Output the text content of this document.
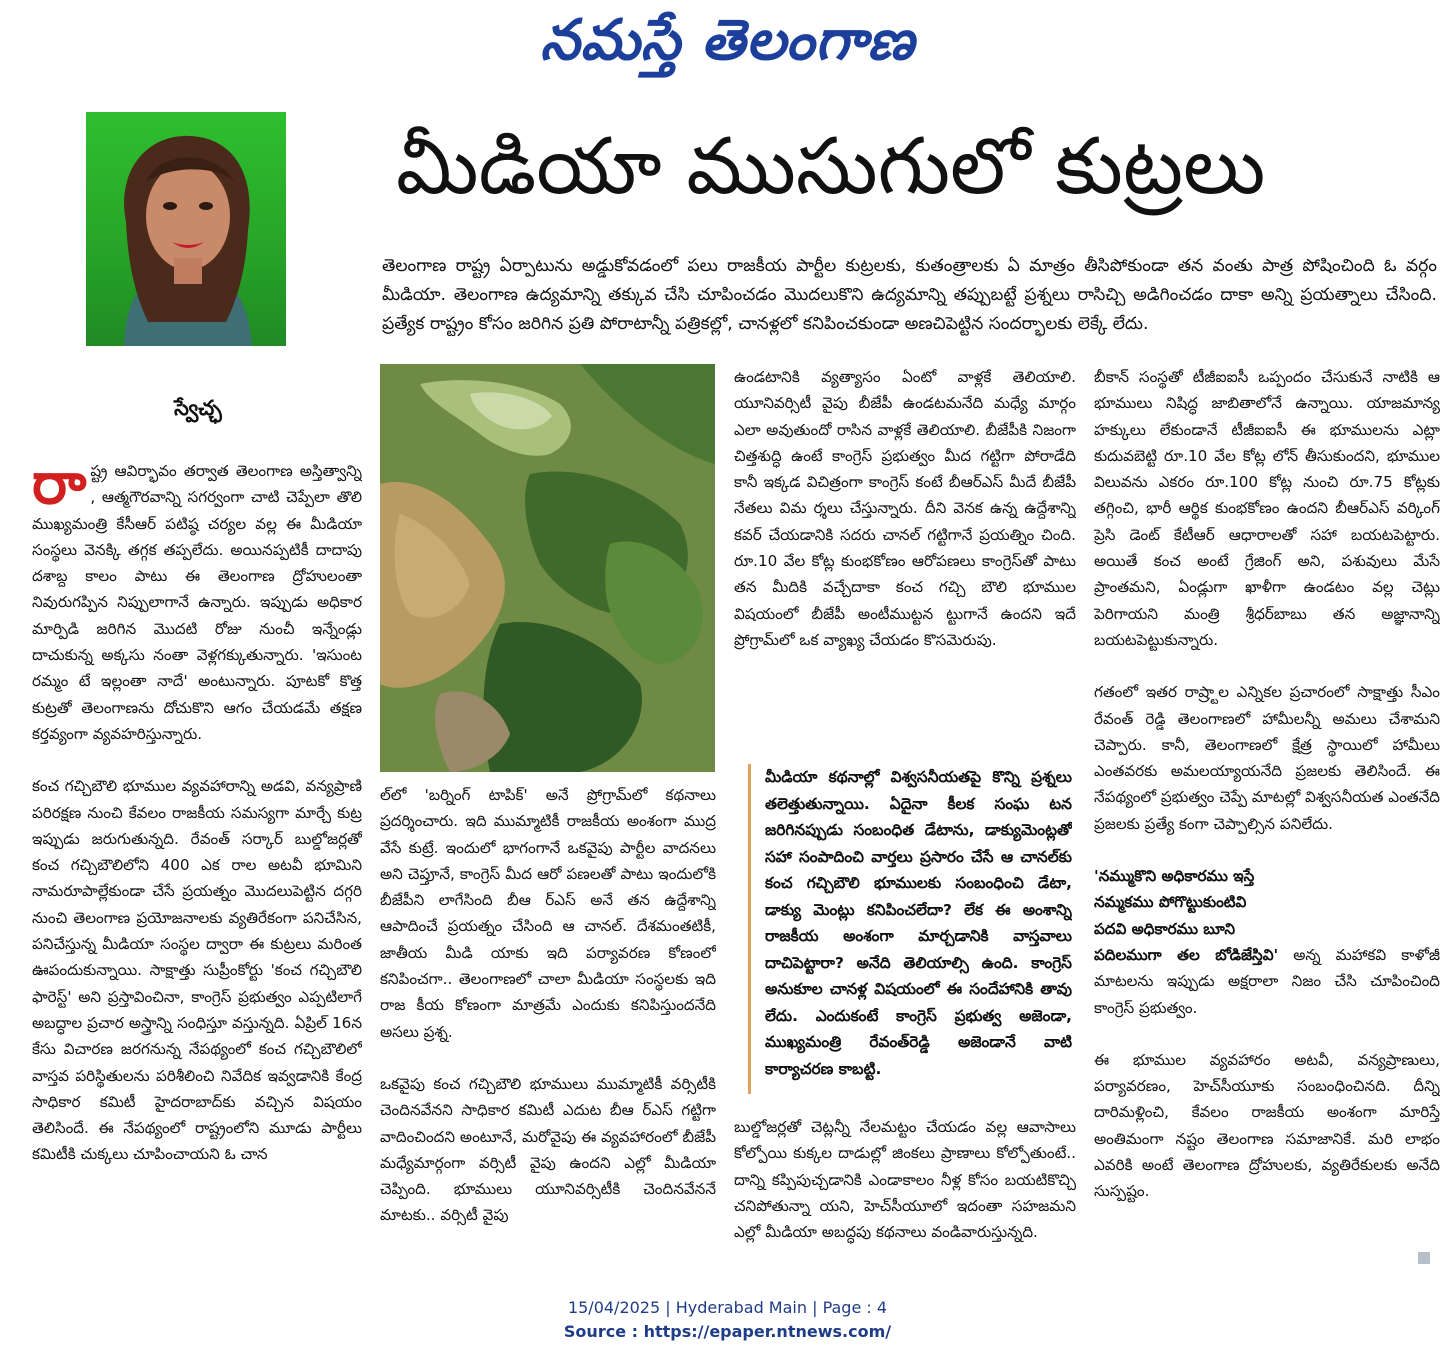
నమస్తే తెలంగాణ
మీడియా ముసుగులో కుట్రలు
తెలంగాణ రాష్ట్ర ఏర్పాటును అడ్డుకోవడంలో పలు రాజకీయ పార్టీల కుట్రలకు, కుతంత్రాలకు ఏ మాత్రం తీసిపోకుండా తన వంతు పాత్ర పోషించింది ఓ వర్గం మీడియా. తెలంగాణ ఉద్యమాన్ని తక్కువ చేసి చూపించడం మొదలుకొని ఉద్యమాన్ని తప్పుబట్టే ప్రశ్నలు రాసిచ్చి అడిగించడం దాకా అన్ని ప్రయత్నాలు చేసింది. ప్రత్యేక రాష్ట్రం కోసం జరిగిన ప్రతి పోరాటాన్నీ పత్రికల్లో, చానళ్లలో కనిపించకుండా అణచిపెట్టిన సందర్భాలకు లెక్కే లేదు.
స్వేచ్ఛ

రాష్ట్ర ఆవిర్భావం తర్వాత తెలంగాణ అస్తిత్వాన్ని , ఆత్మగౌరవాన్ని సగర్వంగా చాటి చెప్పేలా తొలి ముఖ్యమంత్రి కేసీఆర్ పటిష్ఠ చర్యల వల్ల ఈ మీడియా సంస్థలు వెనక్కి తగ్గక తప్పలేదు. అయినప్పటికీ దాదాపు దశాబ్ద కాలం పాటు ఈ తెలంగాణ ద్రోహులంతా నివురుగప్పిన నిప్పులాగానే ఉన్నారు. ఇప్పుడు అధికార మార్పిడి జరిగిన మొదటి రోజు నుంచీ ఇన్నేండ్లు దాచుకున్న అక్కసు నంతా వెళ్లగక్కుతున్నారు. 'ఇసుంట రమ్మం టే ఇల్లంతా నాదే' అంటున్నారు. పూటకో కొత్త కుట్రతో తెలంగాణను దోచుకొని ఆగం చేయడమే తక్షణ కర్తవ్యంగా వ్యవహరిస్తున్నారు.

కంచ గచ్చిబౌలి భూముల వ్యవహారాన్ని అడవి, వన్యప్రాణి పరిరక్షణ నుంచి కేవలం రాజకీయ సమస్యగా మార్చే కుట్ర ఇప్పుడు జరుగుతున్నది. రేవంత్ సర్కార్ బుల్డోజర్లతో కంచ గచ్చిబౌలిలోని 400 ఎక రాల అటవీ భూమిని నామరూపాల్లేకుండా చేసే ప్రయత్నం మొదలుపెట్టిన దగ్గరి నుంచి తెలంగాణ ప్రయోజనాలకు వ్యతిరేకంగా పనిచేసిన, పనిచేస్తున్న మీడియా సంస్థల ద్వారా ఈ కుట్రలు మరింత ఊపందుకున్నాయి. సాక్షాత్తు సుప్రీంకోర్టు 'కంచ గచ్చిబౌలి ఫారెస్ట్' అని ప్రస్తావించినా, కాంగ్రెస్ ప్రభుత్వం ఎప్పటిలాగే అబద్ధాల ప్రచార అస్త్రాన్ని సంధిస్తూ వస్తున్నది. ఏప్రిల్ 16న కేసు విచారణ జరగనున్న నేపథ్యంలో కంచ గచ్చిబౌలిలో వాస్తవ పరిస్థితులను పరిశీలించి నివేదిక ఇవ్వడానికి కేంద్ర సాధికార కమిటీ హైదరాబాద్‌కు వచ్చిన విషయం తెలిసిందే. ఈ నేపథ్యంలో రాష్ట్రంలోని మూడు పార్టీలు కమిటీకి చుక్కలు చూపించాయని ఓ చాన

ల్‌లో 'బర్నింగ్ టాపిక్' అనే ప్రోగ్రామ్‌లో కథనాలు ప్రదర్శించారు. ఇది ముమ్మాటికీ రాజకీయ అంశంగా ముద్ర వేసే కుట్రే. ఇందులో భాగంగానే ఒకవైపు పార్టీల వాదనలు అని చెప్తూనే, కాంగ్రెస్ మీద ఆరో పణలతో పాటు ఇందులోకి బీజేపీని లాగేసింది బీఆ ర్ఎస్ అనే తన ఉద్దేశాన్ని ఆపాదించే ప్రయత్నం చేసింది ఆ చానల్. దేశమంతటికీ, జాతీయ మీడి యాకు ఇది పర్యావరణ కోణంలో కనిపించగా.. తెలంగాణలో చాలా మీడియా సంస్థలకు ఇది రాజ కీయ కోణంగా మాత్రమే ఎందుకు కనిపిస్తుందనేది అసలు ప్రశ్న.

ఒకవైపు కంచ గచ్చిబౌలి భూములు ముమ్మాటికీ వర్సిటీకి చెందినవేనని సాధికార కమిటీ ఎదుట బీఆ ర్ఎస్ గట్టిగా వాదించిందని అంటూనే, మరోవైపు ఈ వ్యవహారంలో బీజేపీ మధ్యేమార్గంగా వర్సిటీ వైపు ఉందని ఎల్లో మీడియా చెప్పింది. భూములు యూనివర్సిటీకి చెందినవేననే మాటకు.. వర్సిటీ వైపు

ఉండటానికి వ్యత్యాసం ఏంటో వాళ్లకే తెలియాలి. యూనివర్సిటీ వైపు బీజేపీ ఉండటమనేది మధ్యే మార్గం ఎలా అవుతుందో రాసిన వాళ్లకే తెలియాలి. బీజేపీకి నిజంగా చిత్తశుద్ధి ఉంటే కాంగ్రెస్ ప్రభుత్వం మీద గట్టిగా పోరాడేది కానీ ఇక్కడ విచిత్రంగా కాంగ్రెస్ కంటే బీఆర్ఎస్ మీదే బీజేపీ నేతలు విమ ర్శలు చేస్తున్నారు. దీని వెనక ఉన్న ఉద్దేశాన్ని కవర్ చేయడానికి సదరు చానల్ గట్టిగానే ప్రయత్నిం చింది. రూ.10 వేల కోట్ల కుంభకోణం ఆరోపణలు కాంగ్రెస్‌తో పాటు తన మీదికి వచ్చేదాకా కంచ గచ్చి బౌలి భూముల విషయంలో బీజేపీ అంటీముట్టన ట్టుగానే ఉందని ఇదే ప్రోగ్రామ్‌లో ఒక వ్యాఖ్య చేయడం కొసమెరుపు.

మీడియా కథనాల్లో విశ్వసనీయతపై కొన్ని ప్రశ్నలు తలెత్తుతున్నాయి. ఏదైనా కీలక సంఘ టన జరిగినప్పుడు సంబంధిత డేటాను, డాక్యుమెంట్లతో సహా సంపాదించి వార్తలు ప్రసారం చేసే ఆ చానల్‌కు కంచ గచ్చిబౌలి భూములకు సంబంధించి డేటా, డాక్యు మెంట్లు కనిపించలేదా? లేక ఈ అంశాన్ని రాజకీయ అంశంగా మార్చడానికి వాస్తవాలు దాచిపెట్టారా? అనేది తెలియాల్సి ఉంది. కాంగ్రెస్ అనుకూల చానళ్ల విషయంలో ఈ సందేహానికి తావు లేదు. ఎందుకంటే కాంగ్రెస్ ప్రభుత్వ అజెండా, ముఖ్యమంత్రి రేవంత్‌రెడ్డి అజెండానే వాటి కార్యాచరణ కాబట్టి.

బుల్డోజర్లతో చెట్లన్నీ నేలమట్టం చేయడం వల్ల ఆవాసాలు కోల్పోయి కుక్కల దాడుల్లో జింకలు ప్రాణాలు కోల్పోతుంటే.. దాన్ని కప్పిపుచ్చడానికి ఎండాకాలం నీళ్ల కోసం బయటికొచ్చి చనిపోతున్నా యని, హెచ్‌సీయూలో ఇదంతా సహజమని ఎల్లో మీడియా అబద్ధపు కథనాలు వండివారుస్తున్నది.

బీకాన్ సంస్థతో టీజీఐఐసీ ఒప్పందం చేసుకునే నాటికి ఆ భూములు నిషిద్ధ జాబితాలోనే ఉన్నాయి. యాజమాన్య హక్కులు లేకుండానే టీజీఐఐసీ ఈ భూములను ఎట్లా కుదువబెట్టి రూ.10 వేల కోట్ల లోన్ తీసుకుందని, భూముల విలువను ఎకరం రూ.100 కోట్ల నుంచి రూ.75 కోట్లకు తగ్గించి, భారీ ఆర్థిక కుంభకోణం ఉందని బీఆర్ఎస్ వర్కింగ్ ప్రెసి డెంట్ కేటీఆర్ ఆధారాలతో సహా బయటపెట్టారు. అయితే కంచ అంటే గ్రేజింగ్ అని, పశువులు మేసే ప్రాంతమని, ఏండ్లుగా ఖాళీగా ఉండటం వల్ల చెట్లు పెరిగాయని మంత్రి శ్రీధర్‌బాబు తన అజ్ఞానాన్ని బయటపెట్టుకున్నారు.

గతంలో ఇతర రాష్ర్టాల ఎన్నికల ప్రచారంలో సాక్షాత్తు సీఎం రేవంత్ రెడ్డి తెలంగాణలో హామీలన్నీ అమలు చేశామని చెప్పారు. కానీ, తెలంగాణలో క్షేత్ర స్థాయిలో హామీలు ఎంతవరకు అమలయ్యాయనేది ప్రజలకు తెలిసిందే. ఈ నేపథ్యంలో ప్రభుత్వం చెప్పే మాటల్లో విశ్వసనీయత ఎంతనేది ప్రజలకు ప్రత్యే కంగా చెప్పాల్సిన పనిలేదు.

'నమ్ముకొని అధికారము ఇస్తే
నమ్మకము పోగొట్టుకుంటివి
పదవి అధికారము బూని
పదిలముగా తల బోడిజేస్తివి' అన్న మహాకవి కాళోజీ మాటలను ఇప్పుడు అక్షరాలా నిజం చేసి చూపించింది కాంగ్రెస్ ప్రభుత్వం.

ఈ భూముల వ్యవహారం అటవీ, వన్యప్రాణులు, పర్యావరణం, హెచ్‌సీయూకు సంబంధించినది. దీన్ని దారిమళ్లించి, కేవలం రాజకీయ అంశంగా మారిస్తే అంతిమంగా నష్టం తెలంగాణ సమాజానికే. మరి లాభం ఎవరికి అంటే తెలంగాణ ద్రోహులకు, వ్యతిరేకులకు అనేది సుస్పష్టం.

15/04/2025 | Hyderabad Main | Page : 4
Source : https://epaper.ntnews.com/
